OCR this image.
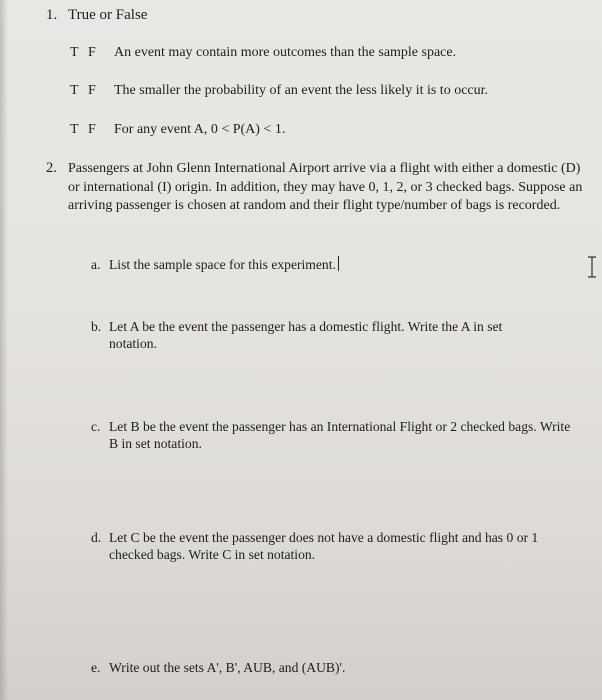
1. True or False
T F An event may contain more outcomes than the sample space.
T F The smaller the probability of an event the less likely it is to occur.
T F For any event A, 0 < P(A) < 1.
2. Passengers at John Glenn International Airport arrive via a flight with either a domestic (D) or international (I) origin. In addition, they may have 0, 1, 2, or 3 checked bags. Suppose an arriving passenger is chosen at random and their flight type/number of bags is recorded.
a. List the sample space for this experiment.
b. Let A be the event the passenger has a domestic flight. Write the A in set notation.
c. Let B be the event the passenger has an International Flight or 2 checked bags. Write B in set notation.
d. Let C be the event the passenger does not have a domestic flight and has 0 or 1 checked bags. Write C in set notation.
e. Write out the sets A', B', AUB, and (AUB)'.
